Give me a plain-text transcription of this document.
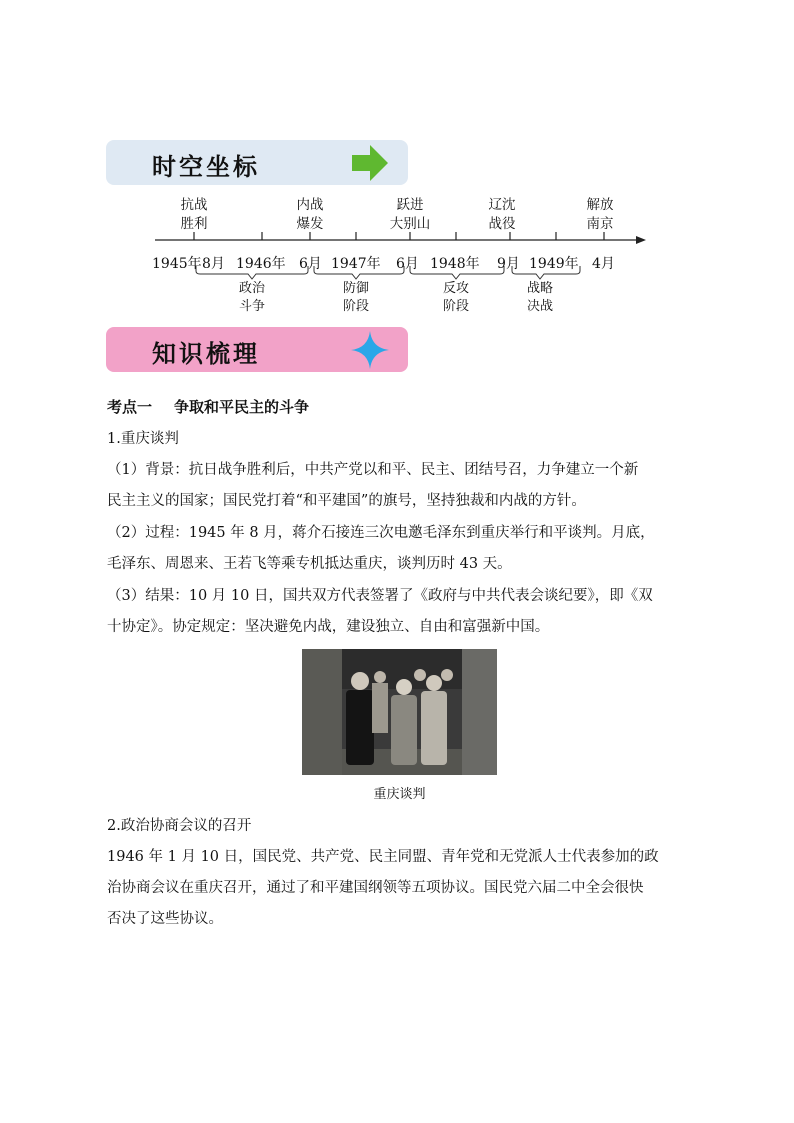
时空坐标
抗战
胜利
内战
爆发
跃进
大别山
辽沈
战役
解放
南京
1945年 8月 1946年 6月 1947年 6月 1948年 9月 1949年 4月
政治
斗争
防御
阶段
反攻
阶段
战略
决战
知识梳理
考点一 争取和平民主的斗争
1.重庆谈判
（1）背景：抗日战争胜利后，中共产党以和平、民主、团结号召，力争建立一个新
民主主义的国家；国民党打着“和平建国”的旗号，坚持独裁和内战的方针。
（2）过程：1945 年 8 月，蒋介石接连三次电邀毛泽东到重庆举行和平谈判。月底，
毛泽东、周恩来、王若飞等乘专机抵达重庆，谈判历时 43 天。
（3）结果：10 月 10 日，国共双方代表签署了《政府与中共代表会谈纪要》，即《双
十协定》。协定规定：坚决避免内战，建设独立、自由和富强新中国。
重庆谈判
2.政治协商会议的召开
1946 年 1 月 10 日，国民党、共产党、民主同盟、青年党和无党派人士代表参加的政
治协商会议在重庆召开，通过了和平建国纲领等五项协议。国民党六届二中全会很快
否决了这些协议。
